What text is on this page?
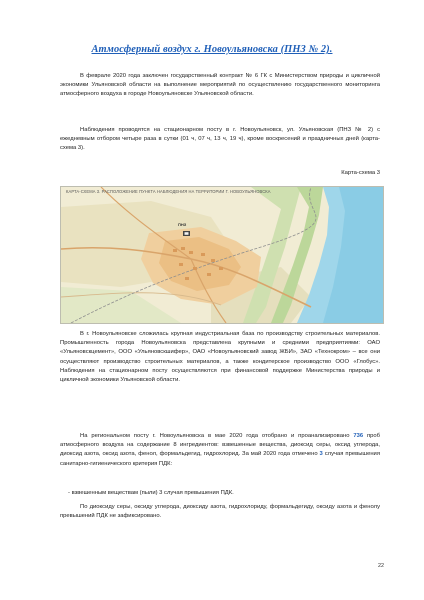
Атмосферный воздух г. Новоульяновска (ПНЗ № 2).

В феврале 2020 года заключен государственный контракт № 6 ГК с Министерством природы и цикличной экономики Ульяновской области на выполнение мероприятий по осуществлению государственного мониторинга атмосферного воздуха в городе Новоульяновске Ульяновской области.

Наблюдения проводятся на стационарном посту в г. Новоульяновск, ул. Ульяновская (ПНЗ № 2) с ежедневным отбором четыре раза в сутки (01 ч, 07 ч, 13 ч, 19 ч), кроме воскресений и праздничных дней (карта-схема 3).

Карта-схема 3

КАРТА-СХЕМА 3. РАСПОЛОЖЕНИЕ ПУНКТА НАБЛЮДЕНИЯ НА ТЕРРИТОРИИ Г. НОВОУЛЬЯНОВСКА

ПНЗ

В г. Новоульяновске сложилась крупная индустриальная база по производству строительных материалов. Промышленность города Новоульяновска представлена крупными и средними предприятиями: ОАО «Ульяновскцемент», ООО «Ульяновскшифер», ОАО «Новоульяновский завод ЖБИ», ЗАО «Технокром» – все они осуществляют производство строительных материалов, а также кондитерское производство ООО «Глобус». Наблюдения на стационарном посту осуществляются при финансовой поддержке Министерства природы и цикличной экономики Ульяновской области.

На региональном посту г. Новоульяновска в мае 2020 года отобрано и проанализировано 736 проб атмосферного воздуха на содержание 8 ингредиентов: взвешенные вещества, диоксид серы, оксид углерода, диоксид азота, оксид азота, фенол, формальдегид, гидрохлорид. За май 2020 года отмечено 3 случая превышения санитарно-гигиенического критерия ПДК:

- взвешенным веществам (пыли) 3 случая превышения ПДК.

По диоксиду серы, оксиду углерода, диоксиду азота, гидрохлориду, формальдегиду, оксиду азота и фенолу превышений ПДК не зафиксировано.

22
